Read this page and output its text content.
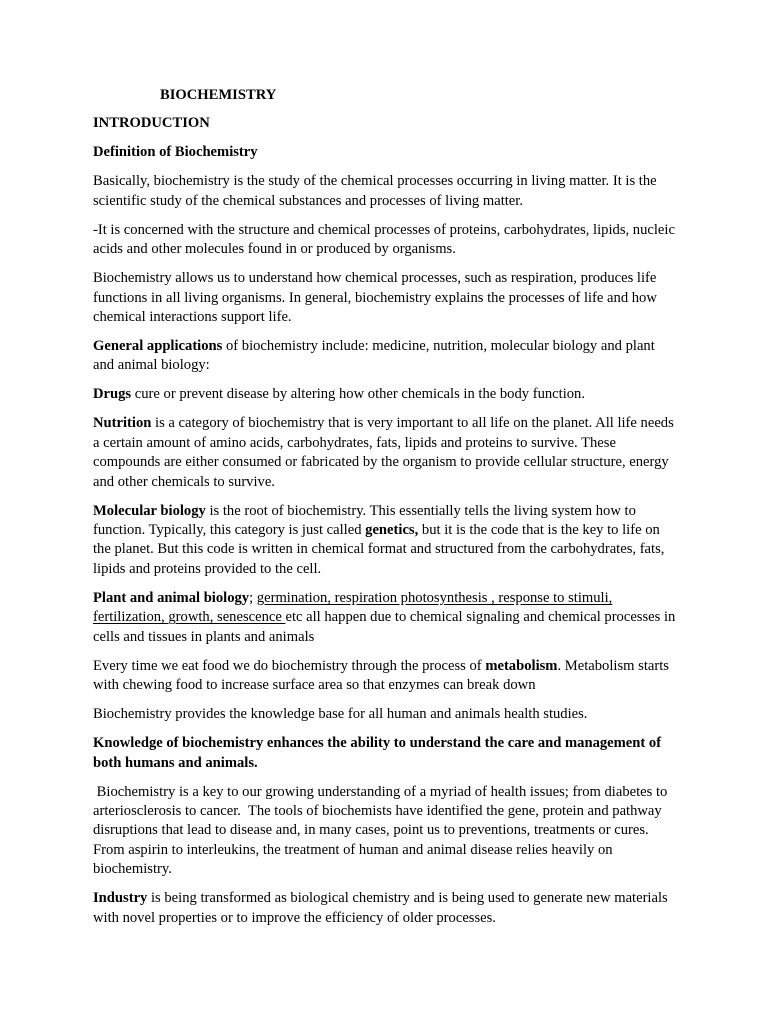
BIOCHEMISTRY
INTRODUCTION
Definition of Biochemistry

Basically, biochemistry is the study of the chemical processes occurring in living matter. It is the scientific study of the chemical substances and processes of living matter.

-It is concerned with the structure and chemical processes of proteins, carbohydrates, lipids, nucleic acids and other molecules found in or produced by organisms.

Biochemistry allows us to understand how chemical processes, such as respiration, produces life functions in all living organisms. In general, biochemistry explains the processes of life and how chemical interactions support life.

General applications of biochemistry include: medicine, nutrition, molecular biology and plant and animal biology:

Drugs cure or prevent disease by altering how other chemicals in the body function.

Nutrition is a category of biochemistry that is very important to all life on the planet. All life needs a certain amount of amino acids, carbohydrates, fats, lipids and proteins to survive. These compounds are either consumed or fabricated by the organism to provide cellular structure, energy and other chemicals to survive.

Molecular biology is the root of biochemistry. This essentially tells the living system how to function. Typically, this category is just called genetics, but it is the code that is the key to life on the planet. But this code is written in chemical format and structured from the carbohydrates, fats, lipids and proteins provided to the cell.

Plant and animal biology; germination, respiration photosynthesis , response to stimuli, fertilization, growth, senescence etc all happen due to chemical signaling and chemical processes in cells and tissues in plants and animals

Every time we eat food we do biochemistry through the process of metabolism. Metabolism starts with chewing food to increase surface area so that enzymes can break down

Biochemistry provides the knowledge base for all human and animals health studies.

Knowledge of biochemistry enhances the ability to understand the care and management of both humans and animals.

Biochemistry is a key to our growing understanding of a myriad of health issues; from diabetes to arteriosclerosis to cancer.  The tools of biochemists have identified the gene, protein and pathway disruptions that lead to disease and, in many cases, point us to preventions, treatments or cures. From aspirin to interleukins, the treatment of human and animal disease relies heavily on biochemistry.

Industry is being transformed as biological chemistry and is being used to generate new materials with novel properties or to improve the efficiency of older processes.
